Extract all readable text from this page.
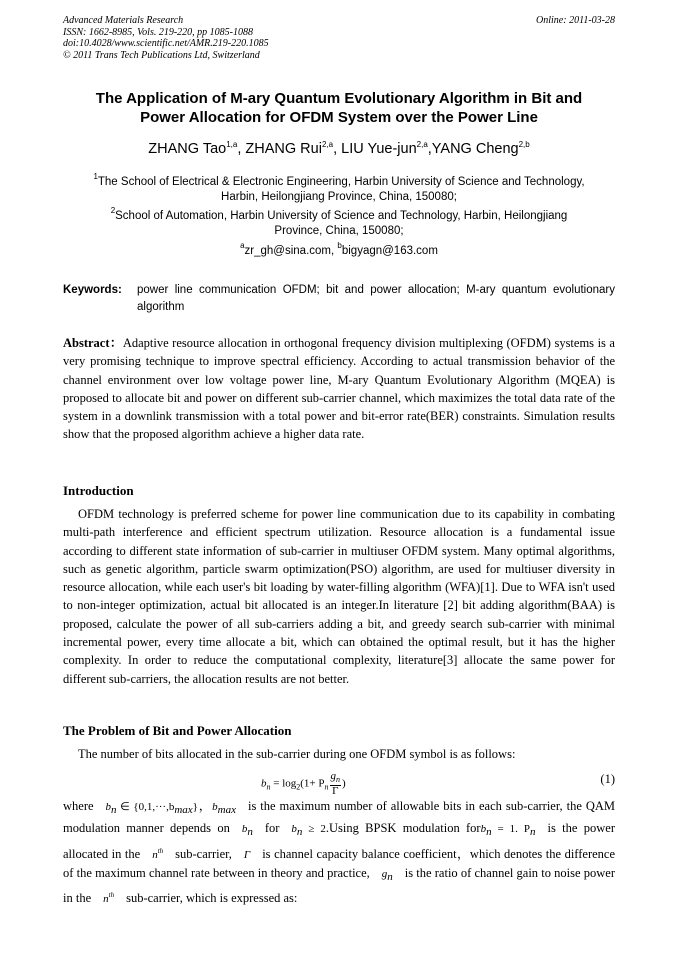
Advanced Materials Research
ISSN: 1662-8985, Vols. 219-220, pp 1085-1088
doi:10.4028/www.scientific.net/AMR.219-220.1085
© 2011 Trans Tech Publications Ltd, Switzerland
Online: 2011-03-28
The Application of M-ary Quantum Evolutionary Algorithm in Bit and
Power Allocation for OFDM System over the Power Line
ZHANG Tao$^{1,a}$, ZHANG Rui$^{2,a}$, LIU Yue-jun$^{2,a}$,YANG Cheng$^{2,b}$
$^1$The School of Electrical & Electronic Engineering, Harbin University of Science and Technology,
Harbin, Heilongjiang Province, China, 150080;
$^2$School of Automation, Harbin University of Science and Technology, Harbin, Heilongjiang
Province, China, 150080;
$^a$zr_gh@sina.com, $^b$bigyagn@163.com
Keywords:	power line communication OFDM; bit and power allocation; M-ary quantum evolutionary algorithm
Abstract：Adaptive resource allocation in orthogonal frequency division multiplexing (OFDM) systems is a very promising technique to improve spectral efficiency. According to actual transmission behavior of the channel environment over low voltage power line, M-ary Quantum Evolutionary Algorithm (MQEA) is proposed to allocate bit and power on different sub-carrier channel, which maximizes the total data rate of the system in a downlink transmission with a total power and bit-error rate(BER) constraints. Simulation results show that the proposed algorithm achieve a higher data rate.
Introduction
OFDM technology is preferred scheme for power line communication due to its capability in combating multi-path interference and efficient spectrum utilization. Resource allocation is a fundamental issue according to different state information of sub-carrier in multiuser OFDM system. Many optimal algorithms, such as genetic algorithm, particle swarm optimization(PSO) algorithm, are used for multiuser diversity in resource allocation, while each user's bit loading by water-filling algorithm (WFA)[1]. Due to WFA isn't used to non-integer optimization, actual bit allocated is an integer.In literature [2] bit adding algorithm(BAA) is proposed, calculate the power of all sub-carriers adding a bit, and greedy search sub-carrier with minimal incremental power, every time allocate a bit, which can obtained the optimal result, but it has the higher complexity. In order to reduce the computational complexity, literature[3] allocate the same power for different sub-carriers, the allocation results are not better.
The Problem of Bit and Power Allocation
The number of bits allocated in the sub-carrier during one OFDM symbol is as follows:
$b_n = \log_2(1+ P_n \frac{g_n}{\Gamma}$ )	(1)
where bn ∈ {0,1,···,bmax}，bmax is the maximum number of allowable bits in each sub-carrier, the QAM modulation manner depends on bn for bn ≥ 2.Using BPSK modulation forbn = 1. Pn is the power allocated in the $n^{th}$ sub-carrier, Γ is channel capacity balance coefficient，which denotes the difference of the maximum channel rate between in theory and practice, gn is the ratio of channel gain to noise power in the $n^{th}$ sub-carrier, which is expressed as:
